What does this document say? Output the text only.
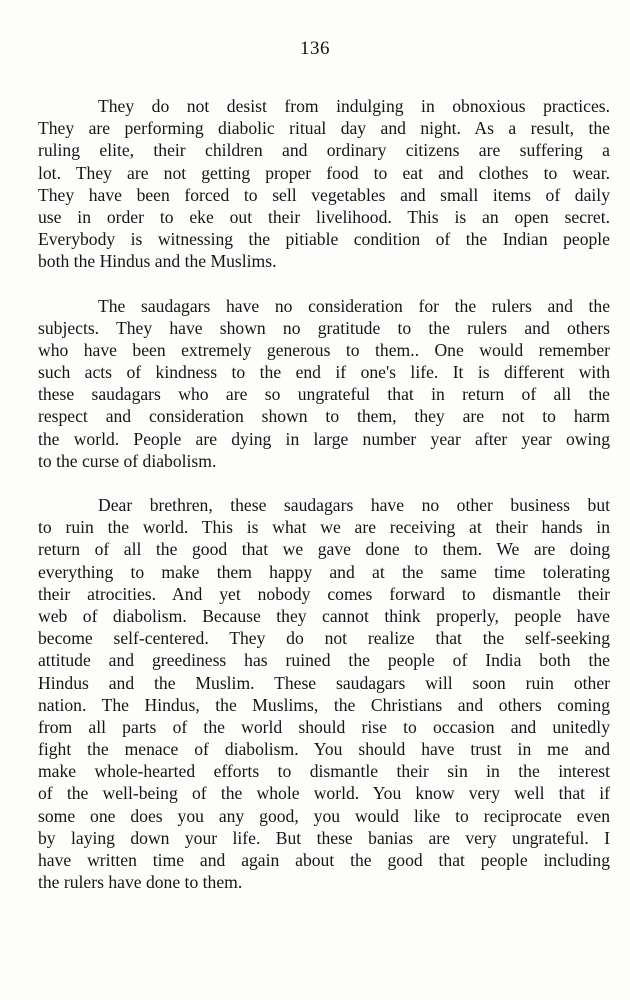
136

They do not desist from indulging in obnoxious practices.
They are performing diabolic ritual day and night. As a result, the
ruling elite, their children and ordinary citizens are suffering a
lot. They are not getting proper food to eat and clothes to wear.
They have been forced to sell vegetables and small items of daily
use in order to eke out their livelihood. This is an open secret.
Everybody is witnessing the pitiable condition of the Indian people
both the Hindus and the Muslims.

The saudagars have no consideration for the rulers and the
subjects. They have shown no gratitude to the rulers and others
who have been extremely generous to them.. One would remember
such acts of kindness to the end if one's life. It is different with
these saudagars who are so ungrateful that in return of all the
respect and consideration shown to them, they are not to harm
the world. People are dying in large number year after year owing
to the curse of diabolism.

Dear brethren, these saudagars have no other business but
to ruin the world. This is what we are receiving at their hands in
return of all the good that we gave done to them. We are doing
everything to make them happy and at the same time tolerating
their atrocities. And yet nobody comes forward to dismantle their
web of diabolism. Because they cannot think properly, people have
become self-centered. They do not realize that the self-seeking
attitude and greediness has ruined the people of India both the
Hindus and the Muslim. These saudagars will soon ruin other
nation. The Hindus, the Muslims, the Christians and others coming
from all parts of the world should rise to occasion and unitedly
fight the menace of diabolism. You should have trust in me and
make whole-hearted efforts to dismantle their sin in the interest
of the well-being of the whole world. You know very well that if
some one does you any good, you would like to reciprocate even
by laying down your life. But these banias are very ungrateful. I
have written time and again about the good that people including
the rulers have done to them.
